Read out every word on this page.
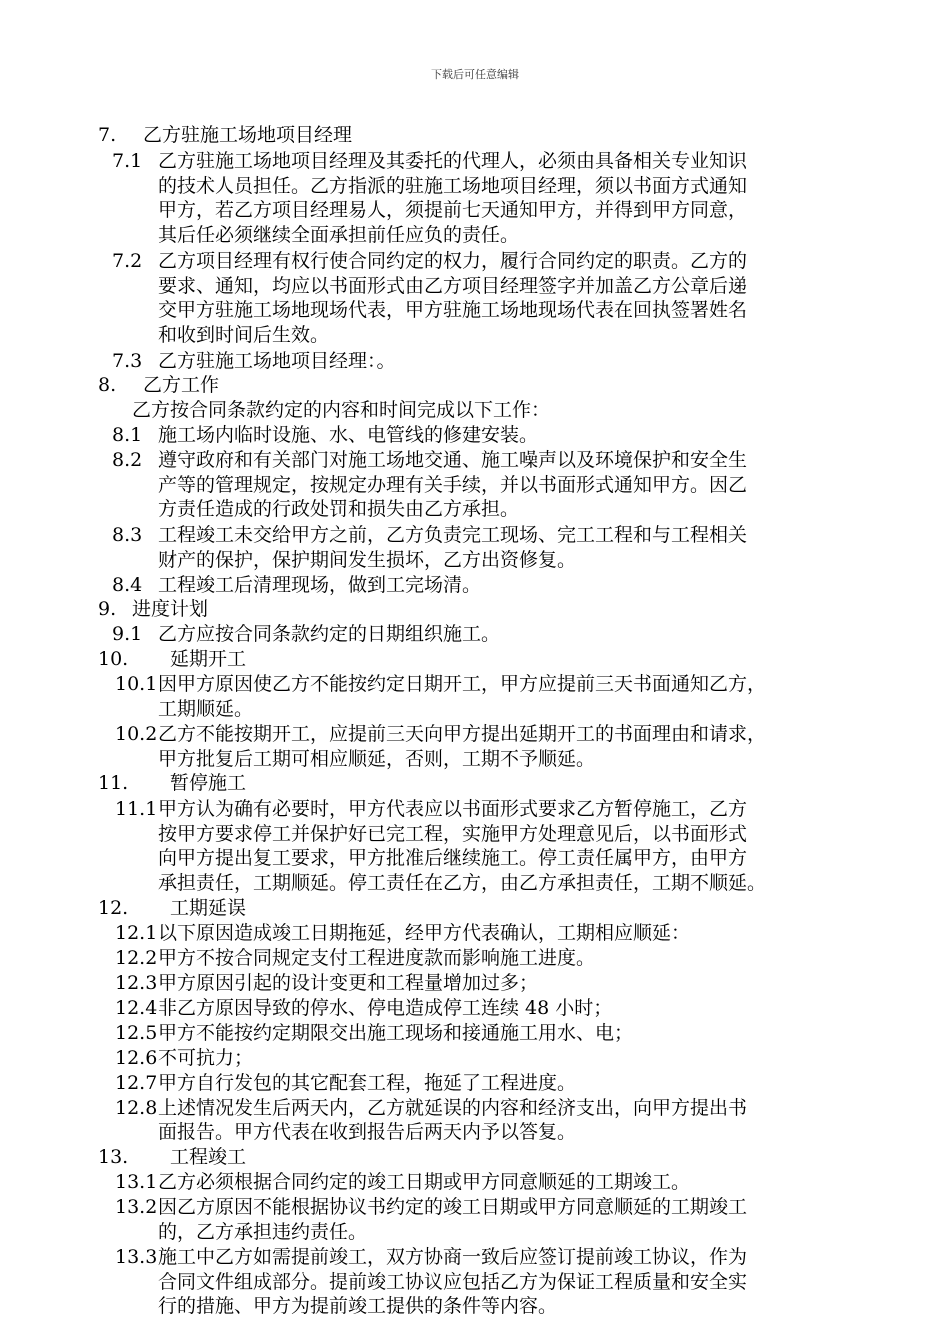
下载后可任意编辑
7. 乙方驻施工场地项目经理
7.1 乙方驻施工场地项目经理及其委托的代理人，必须由具备相关专业知识
的技术人员担任。乙方指派的驻施工场地项目经理，须以书面方式通知
甲方，若乙方项目经理易人，须提前七天通知甲方，并得到甲方同意，
其后任必须继续全面承担前任应负的责任。
7.2 乙方项目经理有权行使合同约定的权力，履行合同约定的职责。乙方的
要求、通知，均应以书面形式由乙方项目经理签字并加盖乙方公章后递
交甲方驻施工场地现场代表，甲方驻施工场地现场代表在回执签署姓名
和收到时间后生效。
7.3 乙方驻施工场地项目经理：。
8. 乙方工作
乙方按合同条款约定的内容和时间完成以下工作：
8.1 施工场内临时设施、水、电管线的修建安装。
8.2 遵守政府和有关部门对施工场地交通、施工噪声以及环境保护和安全生
产等的管理规定，按规定办理有关手续，并以书面形式通知甲方。因乙
方责任造成的行政处罚和损失由乙方承担。
8.3 工程竣工未交给甲方之前，乙方负责完工现场、完工工程和与工程相关
财产的保护，保护期间发生损坏，乙方出资修复。
8.4 工程竣工后清理现场，做到工完场清。
9. 进度计划
9.1 乙方应按合同条款约定的日期组织施工。
10. 延期开工
10.1 因甲方原因使乙方不能按约定日期开工，甲方应提前三天书面通知乙方，
工期顺延。
10.2 乙方不能按期开工，应提前三天向甲方提出延期开工的书面理由和请求，
甲方批复后工期可相应顺延，否则，工期不予顺延。
11. 暂停施工
11.1 甲方认为确有必要时，甲方代表应以书面形式要求乙方暂停施工，乙方
按甲方要求停工并保护好已完工程，实施甲方处理意见后，以书面形式
向甲方提出复工要求，甲方批准后继续施工。停工责任属甲方，由甲方
承担责任，工期顺延。停工责任在乙方，由乙方承担责任，工期不顺延。
12. 工期延误
12.1 以下原因造成竣工日期拖延，经甲方代表确认，工期相应顺延：
12.2 甲方不按合同规定支付工程进度款而影响施工进度。
12.3 甲方原因引起的设计变更和工程量增加过多；
12.4 非乙方原因导致的停水、停电造成停工连续 48 小时；
12.5 甲方不能按约定期限交出施工现场和接通施工用水、电；
12.6 不可抗力；
12.7 甲方自行发包的其它配套工程，拖延了工程进度。
12.8 上述情况发生后两天内，乙方就延误的内容和经济支出，向甲方提出书
面报告。甲方代表在收到报告后两天内予以答复。
13. 工程竣工
13.1 乙方必须根据合同约定的竣工日期或甲方同意顺延的工期竣工。
13.2 因乙方原因不能根据协议书约定的竣工日期或甲方同意顺延的工期竣工
的，乙方承担违约责任。
13.3 施工中乙方如需提前竣工，双方协商一致后应签订提前竣工协议，作为
合同文件组成部分。提前竣工协议应包括乙方为保证工程质量和安全实
行的措施、甲方为提前竣工提供的条件等内容。
